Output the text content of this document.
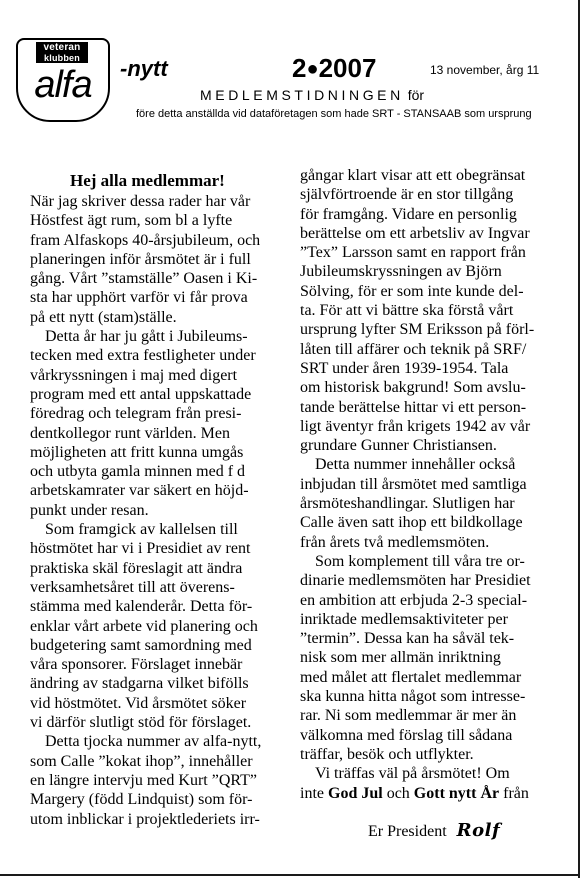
veteran
klubben
alfa	-nytt	2●2007	13 november, årg 11
MEDLEMSTIDNINGEN för
före detta anställda vid dataföretagen som hade SRT - STANSAAB som ursprung

Hej alla medlemmar!

När jag skriver dessa rader har vår
Höstfest ägt rum, som bl a lyfte
fram Alfaskops 40-årsjubileum, och
planeringen inför årsmötet är i full
gång. Vårt ”stamställe” Oasen i Ki-
sta har upphört varför vi får prova
på ett nytt (stam)ställe.
Detta år har ju gått i Jubileums-
tecken med extra festligheter under
vårkryssningen i maj med digert
program med ett antal uppskattade
föredrag och telegram från presi-
dentkollegor runt världen. Men
möjligheten att fritt kunna umgås
och utbyta gamla minnen med f d
arbetskamrater var säkert en höjd-
punkt under resan.
Som framgick av kallelsen till
höstmötet har vi i Presidiet av rent
praktiska skäl föreslagit att ändra
verksamhetsåret till att överens-
stämma med kalenderår. Detta för-
enklar vårt arbete vid planering och
budgetering samt samordning med
våra sponsorer. Förslaget innebär
ändring av stadgarna vilket bifölls
vid höstmötet. Vid årsmötet söker
vi därför slutligt stöd för förslaget.
Detta tjocka nummer av alfa-nytt,
som Calle ”kokat ihop”, innehåller
en längre intervju med Kurt ”QRT”
Margery (född Lindquist) som för-
utom inblickar i projektlederiets irr-
gångar klart visar att ett obegränsat
självförtroende är en stor tillgång
för framgång. Vidare en personlig
berättelse om ett arbetsliv av Ingvar
”Tex” Larsson samt en rapport från
Jubileumskryssningen av Björn
Sölving, för er som inte kunde del-
ta. För att vi bättre ska förstå vårt
ursprung lyfter SM Eriksson på förl-
låten till affärer och teknik på SRF/
SRT under åren 1939-1954. Tala
om historisk bakgrund! Som avslu-
tande berättelse hittar vi ett person-
ligt äventyr från krigets 1942 av vår
grundare Gunner Christiansen.
Detta nummer innehåller också
inbjudan till årsmötet med samtliga
årsmöteshandlingar. Slutligen har
Calle även satt ihop ett bildkollage
från årets två medlemsmöten.
Som komplement till våra tre or-
dinarie medlemsmöten har Presidiet
en ambition att erbjuda 2-3 special-
inriktade medlemsaktiviteter per
”termin”. Dessa kan ha såväl tek-
nisk som mer allmän inriktning
med målet att flertalet medlemmar
ska kunna hitta något som intresse-
rar. Ni som medlemmar är mer än
välkomna med förslag till sådana
träffar, besök och utflykter.
Vi träffas väl på årsmötet! Om
inte God Jul och Gott nytt År från
Er President Rolf
